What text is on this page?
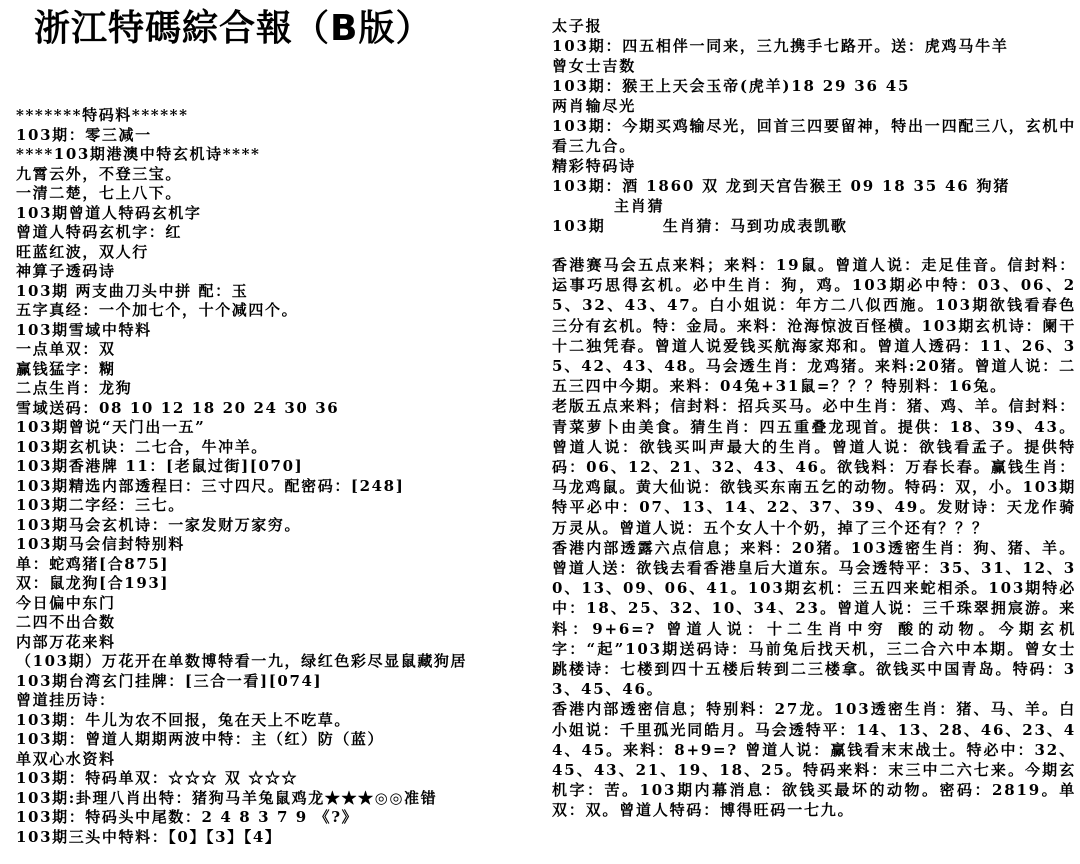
浙江特碼綜合報（B版）
*******特码料******
103期：零三减一
****103期港澳中特玄机诗****
九霄云外，不登三宝。
一清二楚，七上八下。
103期曾道人特码玄机字
曾道人特码玄机字：红
旺蓝红波，双人行
神算子透码诗
103期 两支曲刀头中拼 配：玉
五字真经：一个加七个，十个减四个。
103期雪域中特料
一点单双：双
赢钱猛字：糊
二点生肖：龙狗
雪域送码：08 10 12 18 20 24 30 36
103期曾说“天门出一五”
103期玄机诀：二七合，牛冲羊。
103期香港牌 11：[老鼠过街][070]
103期精选内部透程曰：三寸四尺。配密码：[248]
103期二字经：三七。
103期马会玄机诗：一家发财万家穷。
103期马会信封特别料
单：蛇鸡猪[合875]
双：鼠龙狗[合193]
今日偏中东门
二四不出合数
内部万花来料
（103期）万花开在单数博特看一九，绿红色彩尽显鼠藏狗居
103期台湾玄门挂牌：[三合一看][074]
曾道挂历诗：
103期：牛儿为农不回报，兔在天上不吃草。
103期：曾道人期期两波中特：主（红）防（蓝）
单双心水资料
103期：特码单双：☆☆☆ 双 ☆☆☆
103期:卦理八肖出特：猪狗马羊兔鼠鸡龙★★★◎◎准错
103期：特码头中尾数：2 4 8 3 7 9 《?》
103期三头中特料：【0】【3】【4】
太子报
103期：四五相伴一同来，三九携手七路开。送：虎鸡马牛羊
曾女士吉数
103期：猴王上天会玉帝(虎羊)18 29 36 45
两肖输尽光
103期：今期买鸡输尽光，回首三四要留神，特出一四配三八，玄机中看三九合。
精彩特码诗
103期：酒 1860 双 龙到天宫告猴王 09 18 35 46 狗猪
主肖猜
103期　　　 生肖猜：马到功成表凯歌
香港赛马会五点来料；来料：19鼠。曾道人说：走足佳音。信封料：运事巧思得玄机。必中生肖：狗，鸡。103期必中特：03、06、25、32、43、47。白小姐说：年方二八似西施。103期欲钱看春色三分有玄机。特：金局。来料：沧海惊波百怪横。103期玄机诗：阑干十二独凭春。曾道人说爱钱买航海家郑和。曾道人透码：11、26、35、42、43、48。马会透生肖：龙鸡猪。来料:20猪。曾道人说：二五三四中今期。来料：04兔+31鼠=？？？特别料：16兔。
老版五点来料；信封料：招兵买马。必中生肖：猪、鸡、羊。信封料：青菜萝卜由美食。猜生肖：四五重叠龙现首。提供：18、39、43。曾道人说：欲钱买叫声最大的生肖。曾道人说：欲钱看孟子。提供特码：06、12、21、32、43、46。欲钱料：万春长春。赢钱生肖：马龙鸡鼠。黄大仙说：欲钱买东南五乞的动物。特码：双，小。103期特平必中：07、13、14、22、37、39、49。发财诗：天龙作骑万灵从。曾道人说：五个女人十个奶，掉了三个还有？？？
香港内部透露六点信息；来料：20猪。103透密生肖：狗、猪、羊。曾道人送：欲钱去看香港皇后大道东。马会透特平：35、31、12、30、13、09、06、41。103期玄机：三五四来蛇相杀。103期特必中：18、25、32、10、34、23。曾道人说：三千珠翠拥宸游。来料：9+6=? 曾道人说：十二生肖中穷 酸的动物。今期玄机字：“起”103期送码诗：马前兔后找天机，三二合六中本期。曾女士跳楼诗：七楼到四十五楼后转到二三楼拿。欲钱买中国青岛。特码：33、45、46。
香港内部透密信息；特别料：27龙。103透密生肖：猪、马、羊。白小姐说：千里孤光同皓月。马会透特平：14、13、28、46、23、44、45。来料：8+9=? 曾道人说：赢钱看末末战士。特必中：32、45、43、21、19、18、25。特码来料：末三中二六七来。今期玄机字：苦。103期内幕消息：欲钱买最坏的动物。密码：2819。单双：双。曾道人特码：博得旺码一七九。
